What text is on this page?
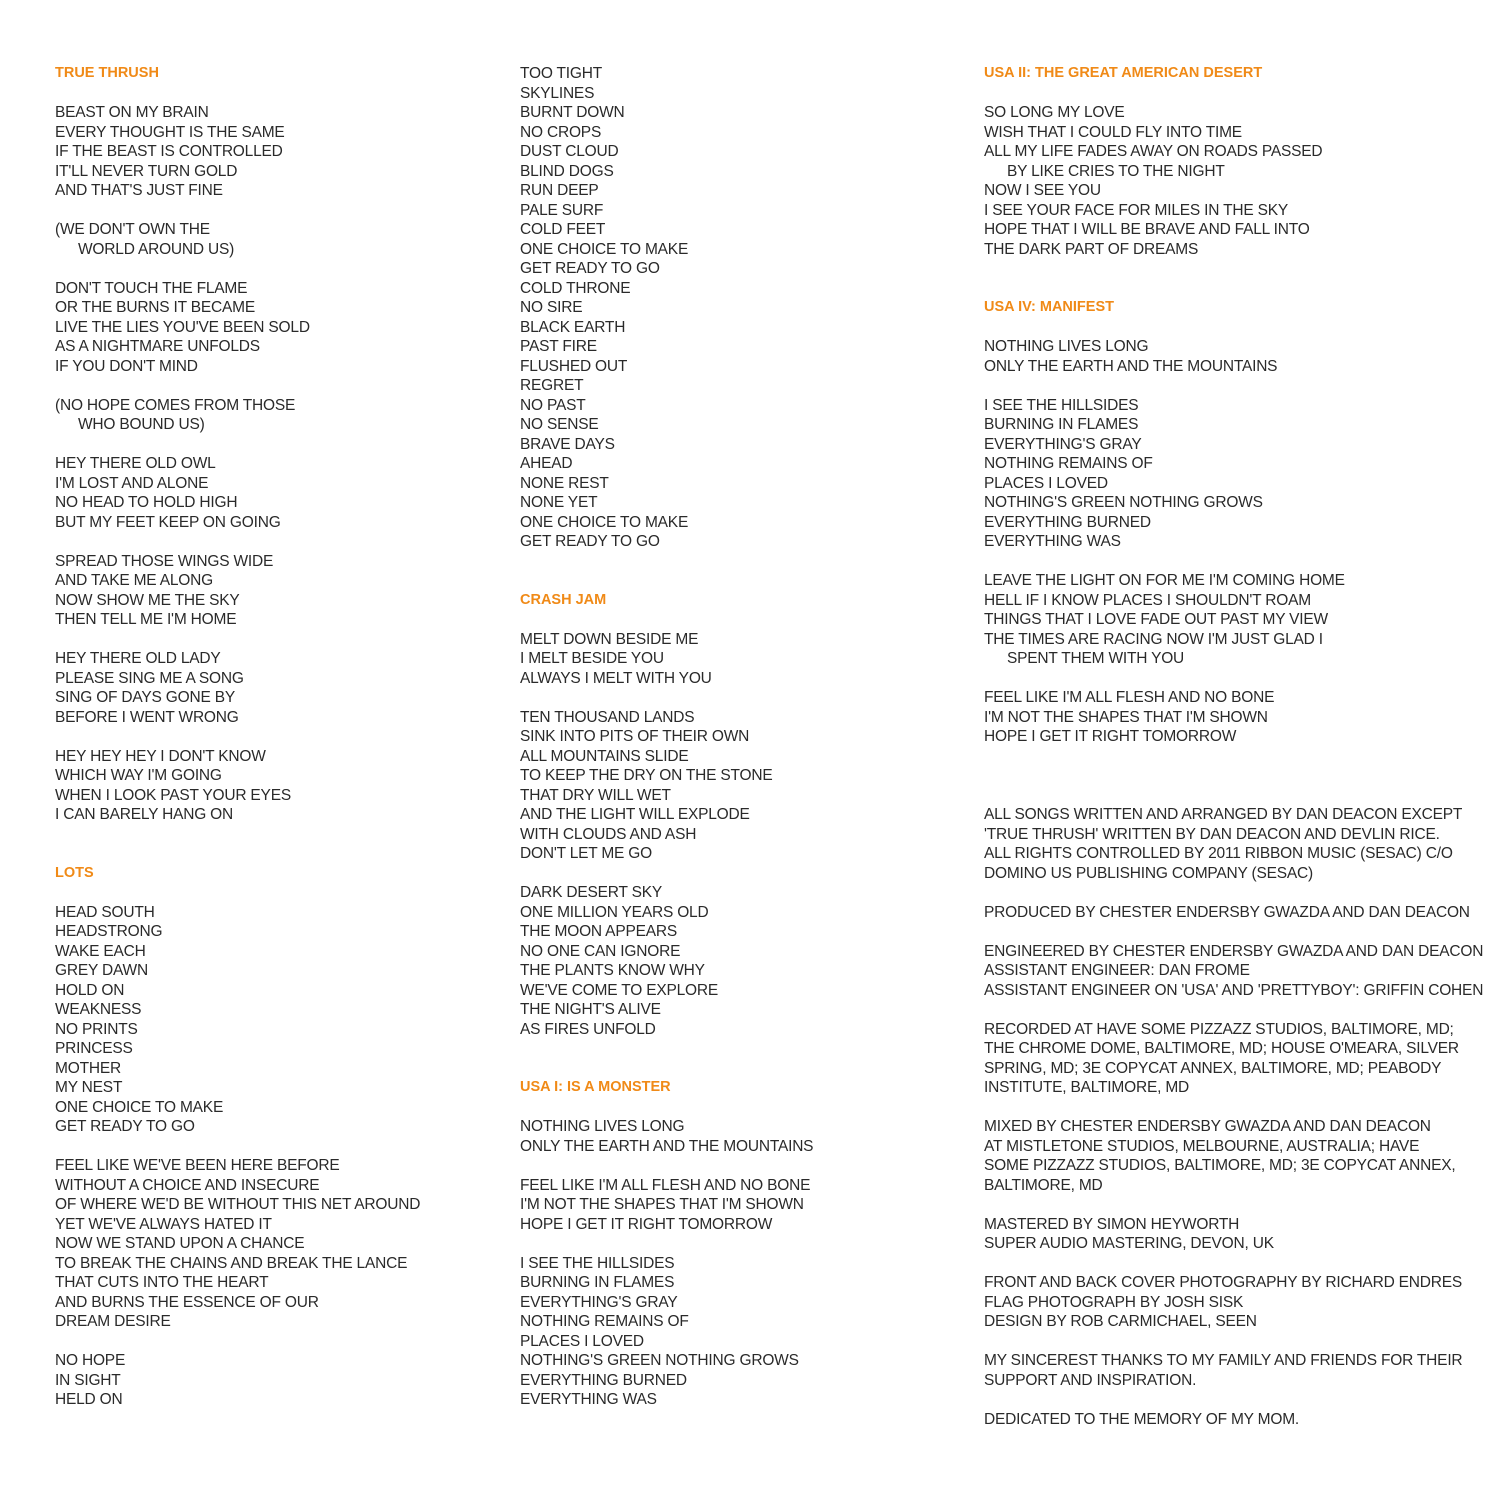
TRUE THRUSH
BEAST ON MY BRAIN
EVERY THOUGHT IS THE SAME
IF THE BEAST IS CONTROLLED
IT'LL NEVER TURN GOLD
AND THAT'S JUST FINE
(WE DON'T OWN THE
WORLD AROUND US)
DON'T TOUCH THE FLAME
OR THE BURNS IT BECAME
LIVE THE LIES YOU'VE BEEN SOLD
AS A NIGHTMARE UNFOLDS
IF YOU DON'T MIND
(NO HOPE COMES FROM THOSE
WHO BOUND US)
HEY THERE OLD OWL
I'M LOST AND ALONE
NO HEAD TO HOLD HIGH
BUT MY FEET KEEP ON GOING
SPREAD THOSE WINGS WIDE
AND TAKE ME ALONG
NOW SHOW ME THE SKY
THEN TELL ME I'M HOME
HEY THERE OLD LADY
PLEASE SING ME A SONG
SING OF DAYS GONE BY
BEFORE I WENT WRONG
HEY HEY HEY I DON'T KNOW
WHICH WAY I'M GOING
WHEN I LOOK PAST YOUR EYES
I CAN BARELY HANG ON
LOTS
HEAD SOUTH
HEADSTRONG
WAKE EACH
GREY DAWN
HOLD ON
WEAKNESS
NO PRINTS
PRINCESS
MOTHER
MY NEST
ONE CHOICE TO MAKE
GET READY TO GO
FEEL LIKE WE'VE BEEN HERE BEFORE
WITHOUT A CHOICE AND INSECURE
OF WHERE WE'D BE WITHOUT THIS NET AROUND
YET WE'VE ALWAYS HATED IT
NOW WE STAND UPON A CHANCE
TO BREAK THE CHAINS AND BREAK THE LANCE
THAT CUTS INTO THE HEART
AND BURNS THE ESSENCE OF OUR
DREAM DESIRE
NO HOPE
IN SIGHT
HELD ON
TOO TIGHT
SKYLINES
BURNT DOWN
NO CROPS
DUST CLOUD
BLIND DOGS
RUN DEEP
PALE SURF
COLD FEET
ONE CHOICE TO MAKE
GET READY TO GO
COLD THRONE
NO SIRE
BLACK EARTH
PAST FIRE
FLUSHED OUT
REGRET
NO PAST
NO SENSE
BRAVE DAYS
AHEAD
NONE REST
NONE YET
ONE CHOICE TO MAKE
GET READY TO GO
CRASH JAM
MELT DOWN BESIDE ME
I MELT BESIDE YOU
ALWAYS I MELT WITH YOU
TEN THOUSAND LANDS
SINK INTO PITS OF THEIR OWN
ALL MOUNTAINS SLIDE
TO KEEP THE DRY ON THE STONE
THAT DRY WILL WET
AND THE LIGHT WILL EXPLODE
WITH CLOUDS AND ASH
DON'T LET ME GO
DARK DESERT SKY
ONE MILLION YEARS OLD
THE MOON APPEARS
NO ONE CAN IGNORE
THE PLANTS KNOW WHY
WE'VE COME TO EXPLORE
THE NIGHT'S ALIVE
AS FIRES UNFOLD
USA I: IS A MONSTER
NOTHING LIVES LONG
ONLY THE EARTH AND THE MOUNTAINS
FEEL LIKE I'M ALL FLESH AND NO BONE
I'M NOT THE SHAPES THAT I'M SHOWN
HOPE I GET IT RIGHT TOMORROW
I SEE THE HILLSIDES
BURNING IN FLAMES
EVERYTHING'S GRAY
NOTHING REMAINS OF
PLACES I LOVED
NOTHING'S GREEN NOTHING GROWS
EVERYTHING BURNED
EVERYTHING WAS
USA II: THE GREAT AMERICAN DESERT
SO LONG MY LOVE
WISH THAT I COULD FLY INTO TIME
ALL MY LIFE FADES AWAY ON ROADS PASSED
BY LIKE CRIES TO THE NIGHT
NOW I SEE YOU
I SEE YOUR FACE FOR MILES IN THE SKY
HOPE THAT I WILL BE BRAVE AND FALL INTO
THE DARK PART OF DREAMS
USA IV: MANIFEST
NOTHING LIVES LONG
ONLY THE EARTH AND THE MOUNTAINS
I SEE THE HILLSIDES
BURNING IN FLAMES
EVERYTHING'S GRAY
NOTHING REMAINS OF
PLACES I LOVED
NOTHING'S GREEN NOTHING GROWS
EVERYTHING BURNED
EVERYTHING WAS
LEAVE THE LIGHT ON FOR ME I'M COMING HOME
HELL IF I KNOW PLACES I SHOULDN'T ROAM
THINGS THAT I LOVE FADE OUT PAST MY VIEW
THE TIMES ARE RACING NOW I'M JUST GLAD I
SPENT THEM WITH YOU
FEEL LIKE I'M ALL FLESH AND NO BONE
I'M NOT THE SHAPES THAT I'M SHOWN
HOPE I GET IT RIGHT TOMORROW
ALL SONGS WRITTEN AND ARRANGED BY DAN DEACON EXCEPT
'TRUE THRUSH' WRITTEN BY DAN DEACON AND DEVLIN RICE.
ALL RIGHTS CONTROLLED BY 2011 RIBBON MUSIC (SESAC) C/O
DOMINO US PUBLISHING COMPANY (SESAC)
PRODUCED BY CHESTER ENDERSBY GWAZDA AND DAN DEACON
ENGINEERED BY CHESTER ENDERSBY GWAZDA AND DAN DEACON
ASSISTANT ENGINEER: DAN FROME
ASSISTANT ENGINEER ON 'USA' AND 'PRETTYBOY': GRIFFIN COHEN
RECORDED AT HAVE SOME PIZZAZZ STUDIOS, BALTIMORE, MD;
THE CHROME DOME, BALTIMORE, MD; HOUSE O'MEARA, SILVER
SPRING, MD; 3E COPYCAT ANNEX, BALTIMORE, MD; PEABODY
INSTITUTE, BALTIMORE, MD
MIXED BY CHESTER ENDERSBY GWAZDA AND DAN DEACON
AT MISTLETONE STUDIOS, MELBOURNE, AUSTRALIA; HAVE
SOME PIZZAZZ STUDIOS, BALTIMORE, MD; 3E COPYCAT ANNEX,
BALTIMORE, MD
MASTERED BY SIMON HEYWORTH
SUPER AUDIO MASTERING, DEVON, UK
FRONT AND BACK COVER PHOTOGRAPHY BY RICHARD ENDRES
FLAG PHOTOGRAPH BY JOSH SISK
DESIGN BY ROB CARMICHAEL, SEEN
MY SINCEREST THANKS TO MY FAMILY AND FRIENDS FOR THEIR
SUPPORT AND INSPIRATION.
DEDICATED TO THE MEMORY OF MY MOM.
